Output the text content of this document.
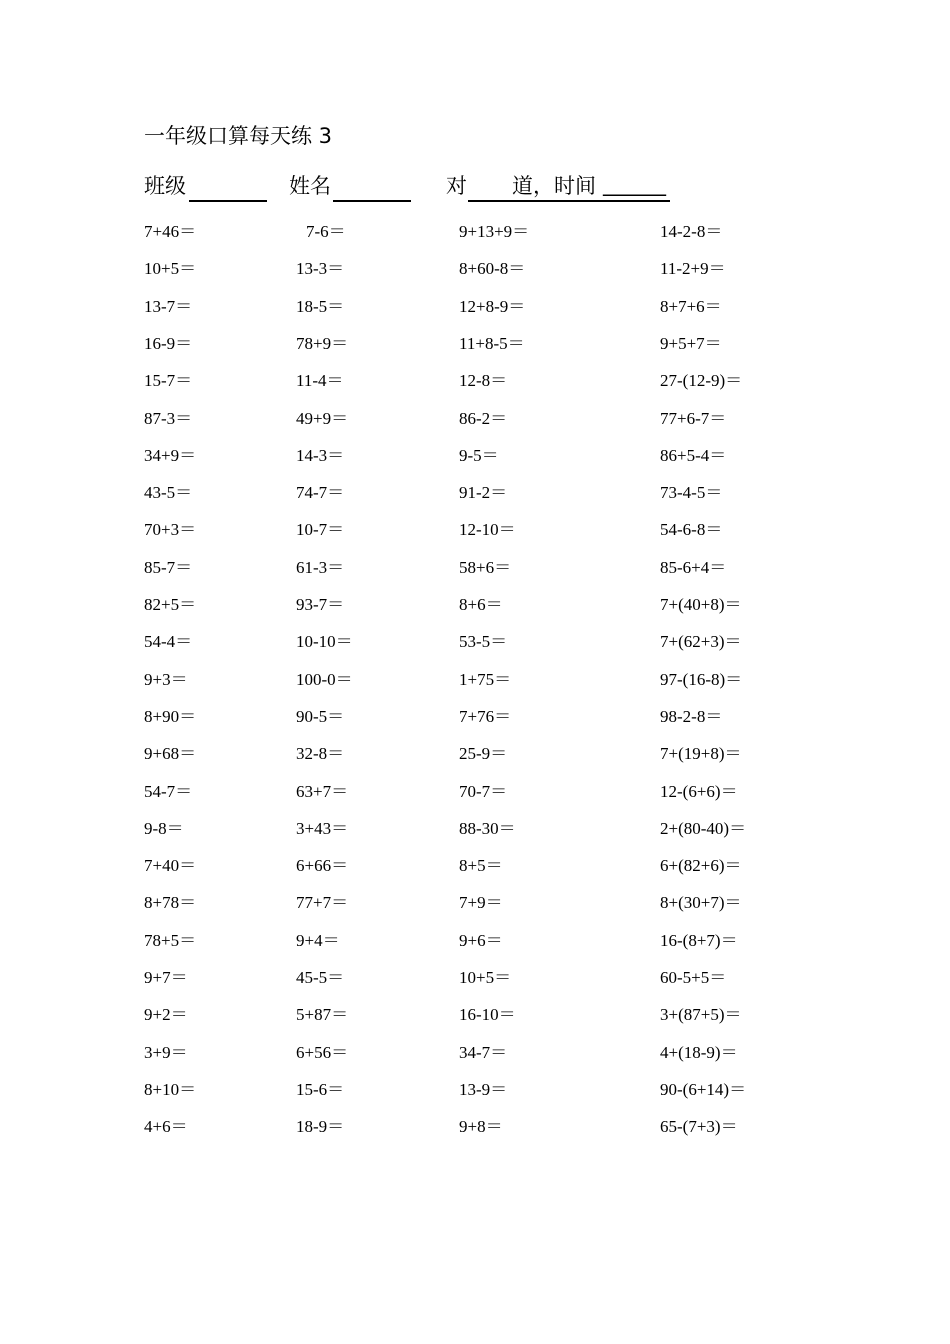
一年级口算每天练 3
班级	姓名	对 道，时间 ______
7+46＝	7-6＝	9+13+9＝	14-2-8＝
10+5＝	13-3＝	8+60-8＝	11-2+9＝
13-7＝	18-5＝	12+8-9＝	8+7+6＝
16-9＝	78+9＝	11+8-5＝	9+5+7＝
15-7＝	11-4＝	12-8＝	27-(12-9)＝
87-3＝	49+9＝	86-2＝	77+6-7＝
34+9＝	14-3＝	9-5＝	86+5-4＝
43-5＝	74-7＝	91-2＝	73-4-5＝
70+3＝	10-7＝	12-10＝	54-6-8＝
85-7＝	61-3＝	58+6＝	85-6+4＝
82+5＝	93-7＝	8+6＝	7+(40+8)＝
54-4＝	10-10＝	53-5＝	7+(62+3)＝
9+3＝	100-0＝	1+75＝	97-(16-8)＝
8+90＝	90-5＝	7+76＝	98-2-8＝
9+68＝	32-8＝	25-9＝	7+(19+8)＝
54-7＝	63+7＝	70-7＝	12-(6+6)＝
9-8＝	3+43＝	88-30＝	2+(80-40)＝
7+40＝	6+66＝	8+5＝	6+(82+6)＝
8+78＝	77+7＝	7+9＝	8+(30+7)＝
78+5＝	9+4＝	9+6＝	16-(8+7)＝
9+7＝	45-5＝	10+5＝	60-5+5＝
9+2＝	5+87＝	16-10＝	3+(87+5)＝
3+9＝	6+56＝	34-7＝	4+(18-9)＝
8+10＝	15-6＝	13-9＝	90-(6+14)＝
4+6＝	18-9＝	9+8＝	65-(7+3)＝
